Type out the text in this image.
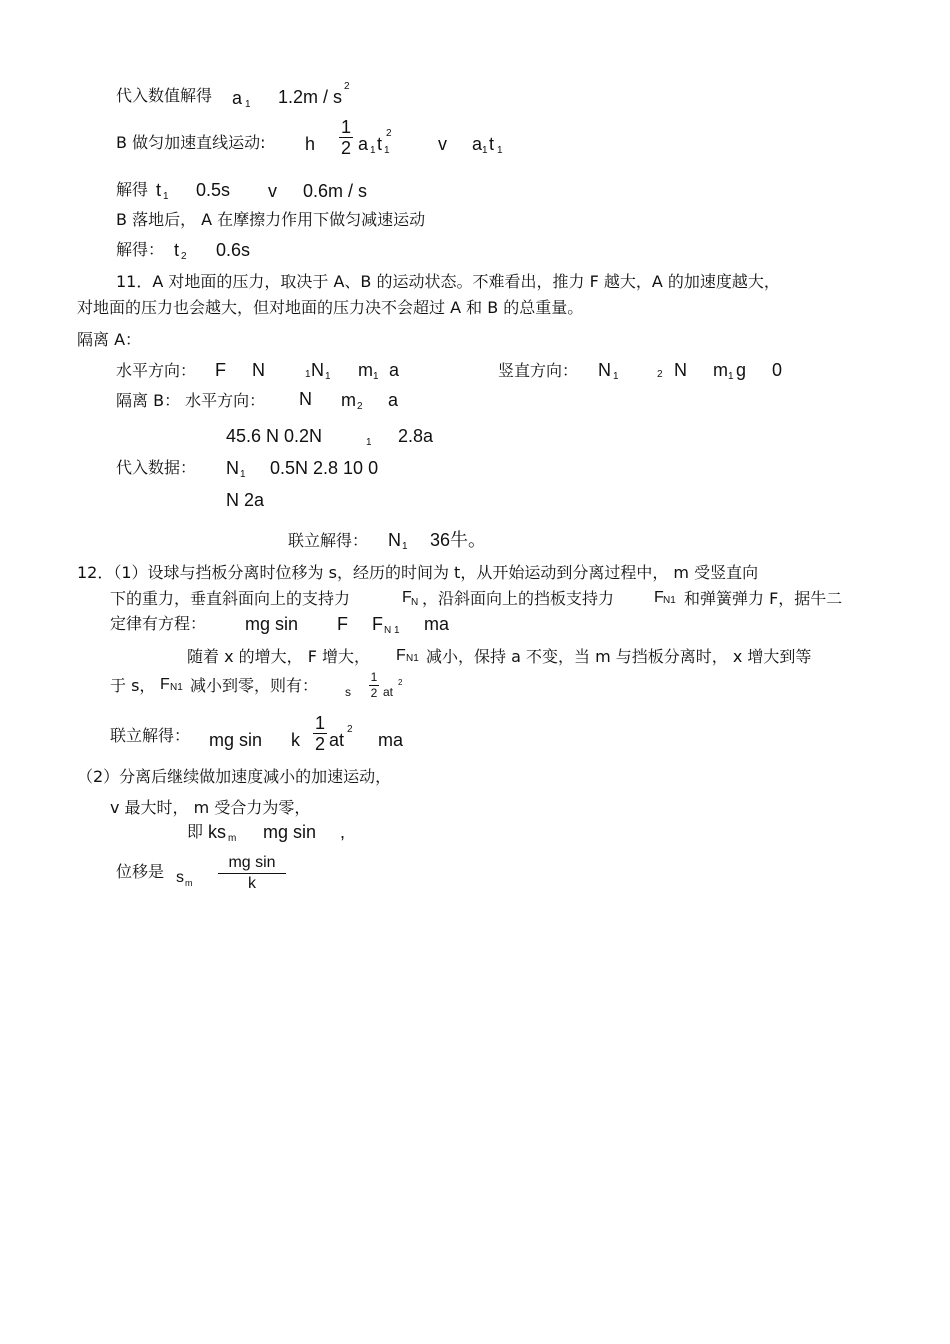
代入数值解得 a 1 1.2m / s
2
B 做匀加速直线运动: h
1
2 a 1 t 1
2
v a 1 t 1
解得 t 1 0.5s v 0.6m / s
B 落地后， A 在摩擦力作用下做匀减速运动
解得： t 2 0.6s
11．A 对地面的压力，取决于 A、B 的运动状态。不难看出，推力 F 越大，A 的加速度越大，
对地面的压力也会越大，但对地面的压力决不会超过 A 和 B 的总重量。
隔离 A：
水平方向： F N	1 N 1 m 1 a	竖直方向： N 1	2 N m 1 g 0
隔离 B： 水平方向： N m 2 a
45.6 N 0.2N	1 2.8a
代入数据： N 1 0.5N 2.8 10 0
N 2a
联立解得： N 1 36牛。
12．（1）设球与挡板分离时位移为 s，经历的时间为 t，从开始运动到分离过程中， m 受竖直向
下的重力，垂直斜面向上的支持力	F N ，沿斜面向上的挡板支持力 F N1 和弹簧弹力 F，据牛二
定律有方程： mg sin F F N 1 ma
随着 x 的增大， F 增大， F N1 减小，保持 a 不变，当 m 与挡板分离时， x 增大到等
于 s， F N1 减小到零，则有： s
1
2 at
2
联立解得： mg sin k
1
2 at
2
ma
（2）分离后继续做加速度减小的加速运动，
v 最大时， m 受合力为零，
即 ks m mg sin ,
位移是 s m
mg sin
k
